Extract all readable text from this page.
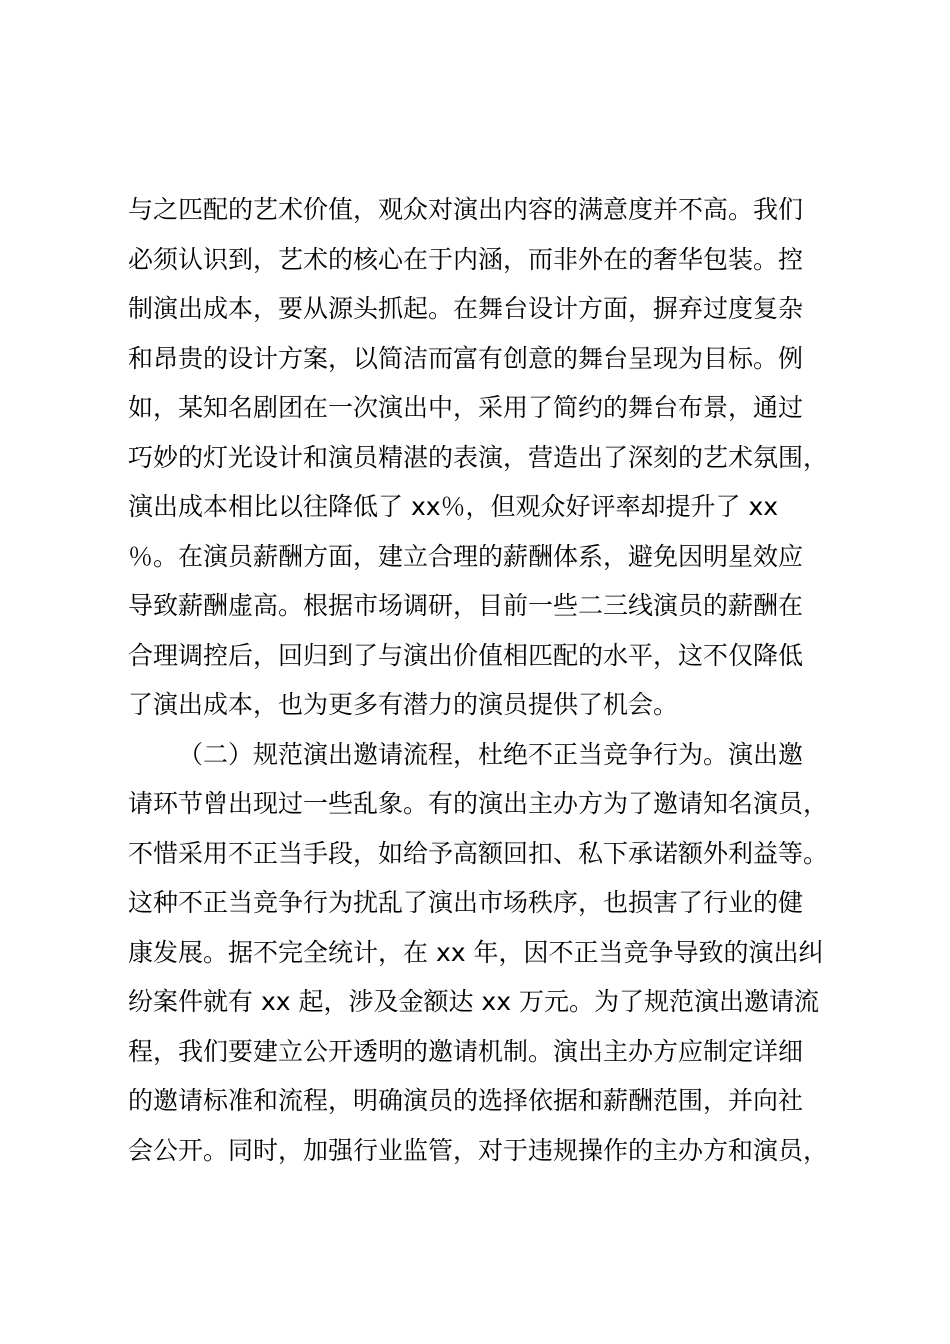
与之匹配的艺术价值，观众对演出内容的满意度并不高。我们
必须认识到，艺术的核心在于内涵，而非外在的奢华包装。控
制演出成本，要从源头抓起。在舞台设计方面，摒弃过度复杂
和昂贵的设计方案，以简洁而富有创意的舞台呈现为目标。例
如，某知名剧团在一次演出中，采用了简约的舞台布景，通过
巧妙的灯光设计和演员精湛的表演，营造出了深刻的艺术氛围，
演出成本相比以往降低了 xx％，但观众好评率却提升了 xx
％。在演员薪酬方面，建立合理的薪酬体系，避免因明星效应
导致薪酬虚高。根据市场调研，目前一些二三线演员的薪酬在
合理调控后，回归到了与演出价值相匹配的水平，这不仅降低
了演出成本，也为更多有潜力的演员提供了机会。
（二）规范演出邀请流程，杜绝不正当竞争行为。演出邀
请环节曾出现过一些乱象。有的演出主办方为了邀请知名演员，
不惜采用不正当手段，如给予高额回扣、私下承诺额外利益等。
这种不正当竞争行为扰乱了演出市场秩序，也损害了行业的健
康发展。据不完全统计，在 xx 年，因不正当竞争导致的演出纠
纷案件就有 xx 起，涉及金额达 xx 万元。为了规范演出邀请流
程，我们要建立公开透明的邀请机制。演出主办方应制定详细
的邀请标准和流程，明确演员的选择依据和薪酬范围，并向社
会公开。同时，加强行业监管，对于违规操作的主办方和演员，
